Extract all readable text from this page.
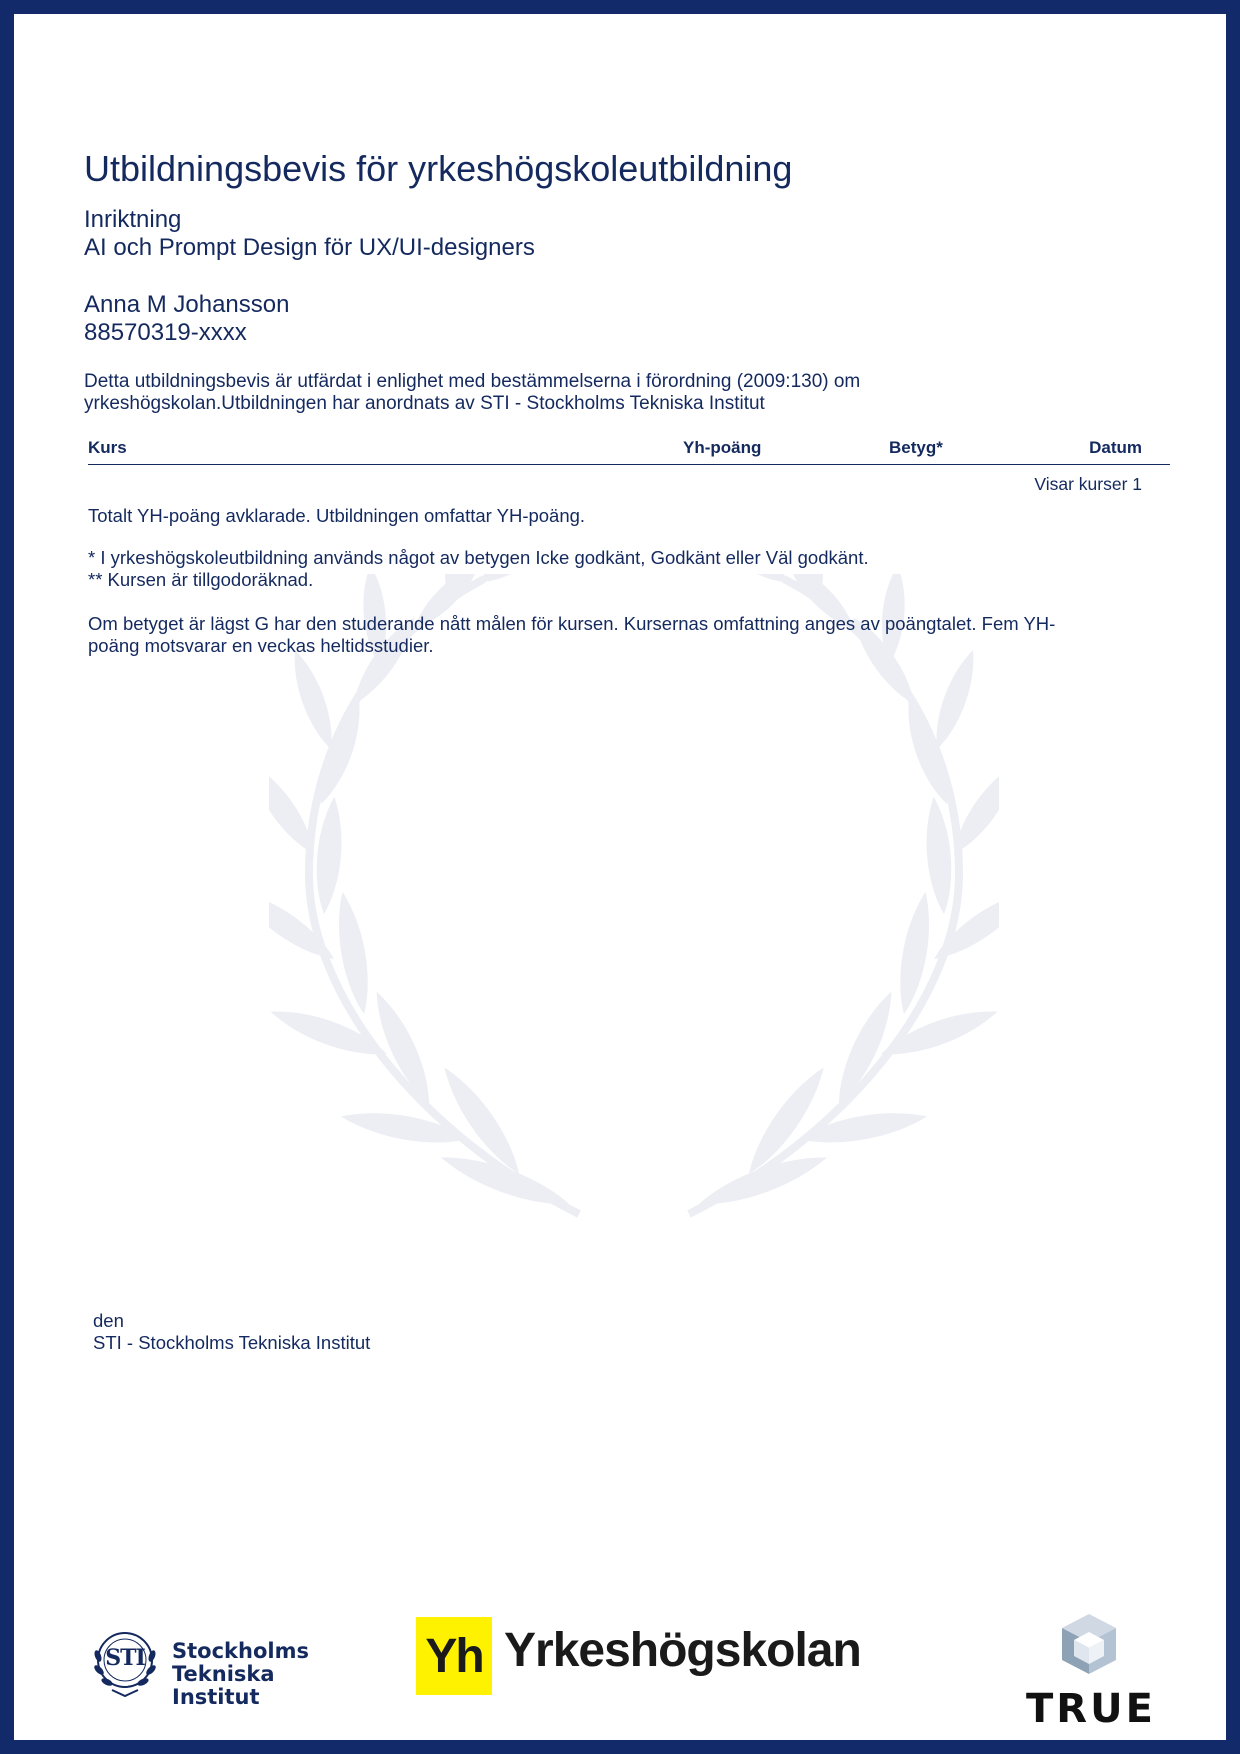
Utbildningsbevis för yrkeshögskoleutbildning
Inriktning
AI och Prompt Design för UX/UI-designers
Anna M Johansson
88570319-xxxx
Detta utbildningsbevis är utfärdat i enlighet med bestämmelserna i förordning (2009:130) om
yrkeshögskolan.Utbildningen har anordnats av STI - Stockholms Tekniska Institut
Kurs	Yh-poäng	Betyg*	Datum
Visar kurser 1
Totalt YH-poäng avklarade. Utbildningen omfattar YH-poäng.
* I yrkeshögskoleutbildning används något av betygen Icke godkänt, Godkänt eller Väl godkänt.
** Kursen är tillgodoräknad.
Om betyget är lägst G har den studerande nått målen för kursen. Kursernas omfattning anges av poängtalet. Fem YH-
poäng motsvarar en veckas heltidsstudier.
den
STI - Stockholms Tekniska Institut
STI Stockholms
Tekniska Institut
Yh Yrkeshögskolan
TRUE
